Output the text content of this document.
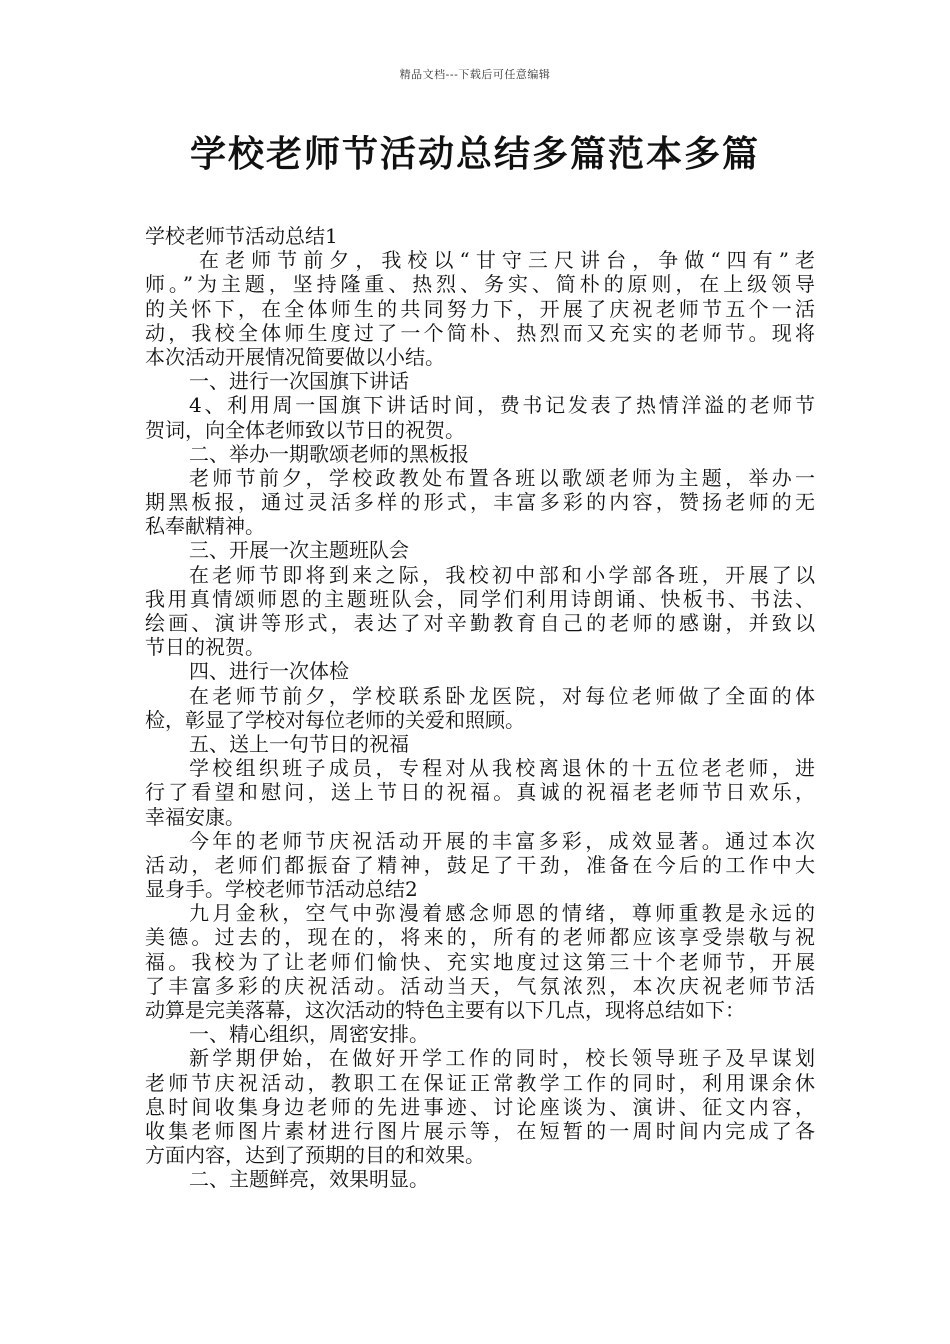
精品文档---下载后可任意编辑
学校老师节活动总结多篇范本多篇
学校老师节活动总结1
在老师节前夕，我校以“甘守三尺讲台，争做“四有”老
师。”为主题，坚持隆重、热烈、务实、简朴的原则，在上级领导
的关怀下，在全体师生的共同努力下，开展了庆祝老师节五个一活
动，我校全体师生度过了一个简朴、热烈而又充实的老师节。现将
本次活动开展情况简要做以小结。
一、进行一次国旗下讲话
4、利用周一国旗下讲话时间，费书记发表了热情洋溢的老师节
贺词，向全体老师致以节日的祝贺。
二、举办一期歌颂老师的黑板报
老师节前夕，学校政教处布置各班以歌颂老师为主题，举办一
期黑板报，通过灵活多样的形式，丰富多彩的内容，赞扬老师的无
私奉献精神。
三、开展一次主题班队会
在老师节即将到来之际，我校初中部和小学部各班，开展了以
我用真情颂师恩的主题班队会，同学们利用诗朗诵、快板书、书法、
绘画、演讲等形式，表达了对辛勤教育自己的老师的感谢，并致以
节日的祝贺。
四、进行一次体检
在老师节前夕，学校联系卧龙医院，对每位老师做了全面的体
检，彰显了学校对每位老师的关爱和照顾。
五、送上一句节日的祝福
学校组织班子成员，专程对从我校离退休的十五位老老师，进
行了看望和慰问，送上节日的祝福。真诚的祝福老老师节日欢乐，
幸福安康。
今年的老师节庆祝活动开展的丰富多彩，成效显著。通过本次
活动，老师们都振奋了精神，鼓足了干劲，准备在今后的工作中大
显身手。学校老师节活动总结2
九月金秋，空气中弥漫着感念师恩的情绪，尊师重教是永远的
美德。过去的，现在的，将来的，所有的老师都应该享受崇敬与祝
福。我校为了让老师们愉快、充实地度过这第三十个老师节，开展
了丰富多彩的庆祝活动。活动当天，气氛浓烈，本次庆祝老师节活
动算是完美落幕，这次活动的特色主要有以下几点，现将总结如下：
一、精心组织，周密安排。
新学期伊始，在做好开学工作的同时，校长领导班子及早谋划
老师节庆祝活动，教职工在保证正常教学工作的同时，利用课余休
息时间收集身边老师的先进事迹、讨论座谈为、演讲、征文内容，
收集老师图片素材进行图片展示等，在短暂的一周时间内完成了各
方面内容，达到了预期的目的和效果。
二、主题鲜亮，效果明显。
